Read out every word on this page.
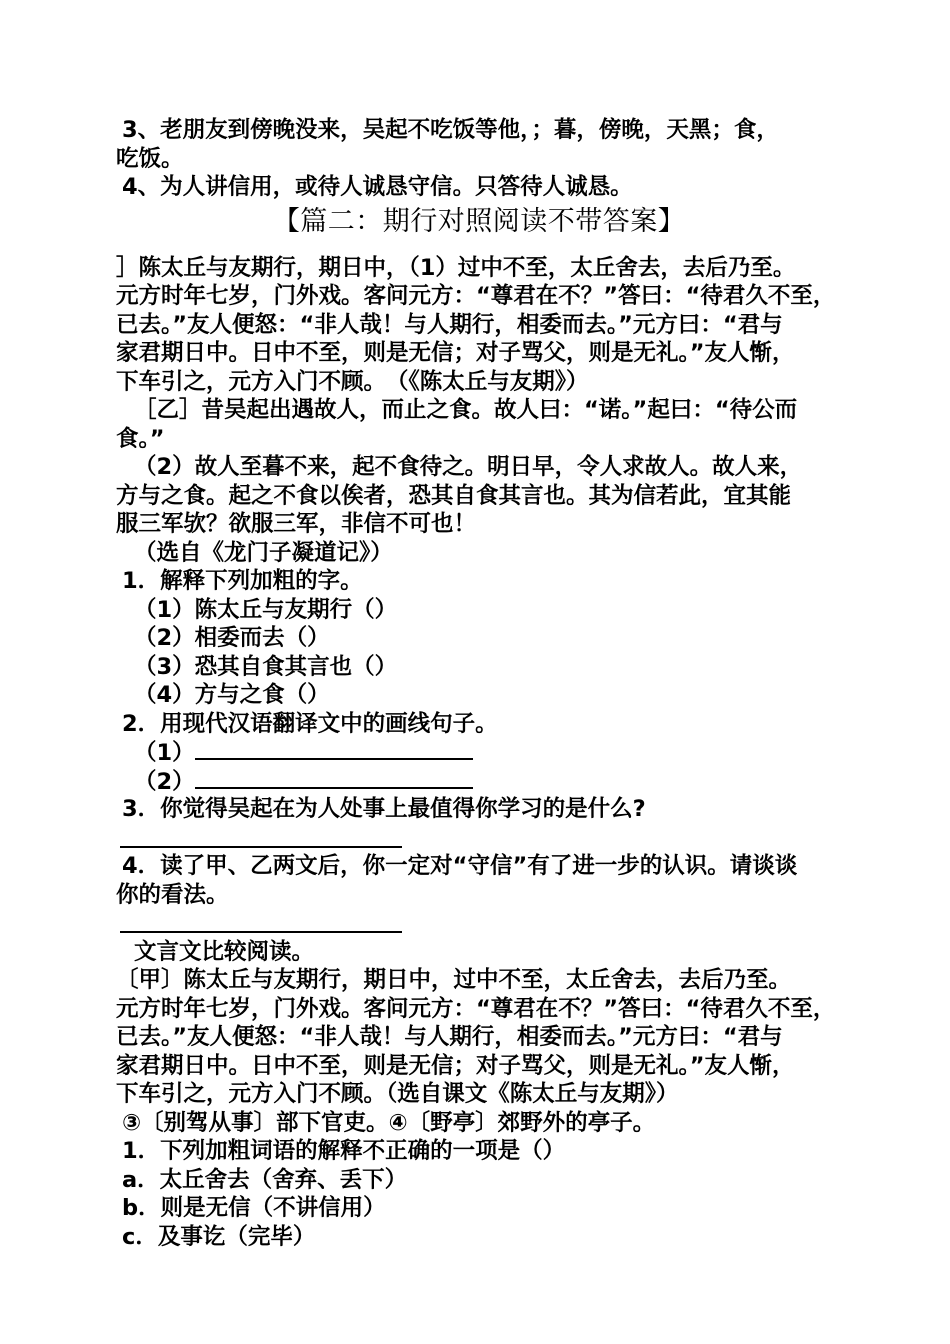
3、老朋友到傍晚没来，吴起不吃饭等他，；暮，傍晚，天黑；食，
吃饭。
4、为人讲信用，或待人诚恳守信。只答待人诚恳。
【篇二：期行对照阅读不带答案】
］陈太丘与友期行，期日中，（1）过中不至，太丘舍去，去后乃至。
元方时年七岁，门外戏。客问元方：“尊君在不？”答曰：“待君久不至，
已去。”友人便怒：“非人哉！与人期行，相委而去。”元方曰：“君与
家君期日中。日中不至，则是无信；对子骂父，则是无礼。”友人惭，
下车引之，元方入门不顾。　（《陈太丘与友期》）
［乙］昔吴起出遇故人，而止之食。故人曰：“诺。”起曰：“待公而
食。”
（2）故人至暮不来，起不食待之。明日早，令人求故人。故人来，
方与之食。起之不食以俟者，恐其自食其言也。其为信若此，宜其能
服三军欤？欲服三军，非信不可也！
（选自《龙门子凝道记》）
1．解释下列加粗的字。
（1）陈太丘与友期行（）
（2）相委而去（）
（3）恐其自食其言也（）
（4）方与之食（）
2．用现代汉语翻译文中的画线句子。
（1）
（2）
3．你觉得吴起在为人处事上最值得你学习的是什么?
4．读了甲、乙两文后，你一定对“守信”有了进一步的认识。请谈谈
你的看法。
文言文比较阅读。
〔甲〕陈太丘与友期行，期日中，过中不至，太丘舍去，去后乃至。
元方时年七岁，门外戏。客问元方：“尊君在不？”答曰：“待君久不至，
已去。”友人便怒：“非人哉！与人期行，相委而去。”元方曰：“君与
家君期日中。日中不至，则是无信；对子骂父，则是无礼。”友人惭，
下车引之，元方入门不顾。（选自课文《陈太丘与友期》）
③〔别驾从事〕部下官吏。④〔野亭〕郊野外的亭子。
1．下列加粗词语的解释不正确的一项是（）
a．太丘舍去（舍弃、丢下）
b．则是无信（不讲信用）
c．及事讫（完毕）
